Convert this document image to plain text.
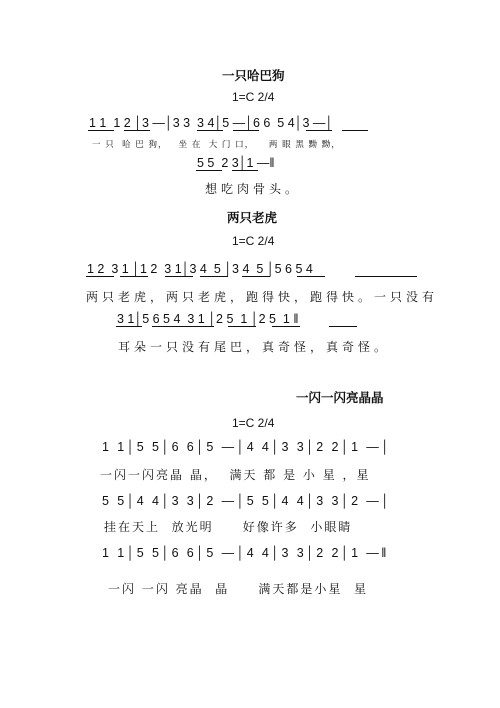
一只哈巴狗
1=C 2/4
1 1  1 2 │3 —│3 3  3 4│5 —│6 6  5 4│3 —│
一 只  哈 巴 狗，   坐 在  大 门 口，    两 眼 黑 黝 黝，
5 5  2 3│1 —‖
想吃肉骨头。
两只老虎
1=C 2/4
1 2  3 1 │1 2  3 1│3 4  5 │3 4  5 │5 6 5 4
两只老虎，两只老虎，跑得快，跑得快。一只没有
3 1│5 6 5 4  3 1 │2 5  1 │2 5  1 ‖
耳朵一只没有尾巴，真奇怪，真奇怪。
一闪一闪亮晶晶
1=C 2/4
1 1│5 5│6 6│5 —│4 4│3 3│2 2│1 —│
一闪一闪亮晶 晶，  满天 都 是 小 星 ，星
5 5│4 4│3 3│2 —│5 5│4 4│3 3│2 —│
挂在天上  放光明     好像许多  小眼睛
1 1│5 5│6 6│5 —│4 4│3 3│2 2│1 —‖
一闪 一闪 亮晶  晶     满天都是小星  星
